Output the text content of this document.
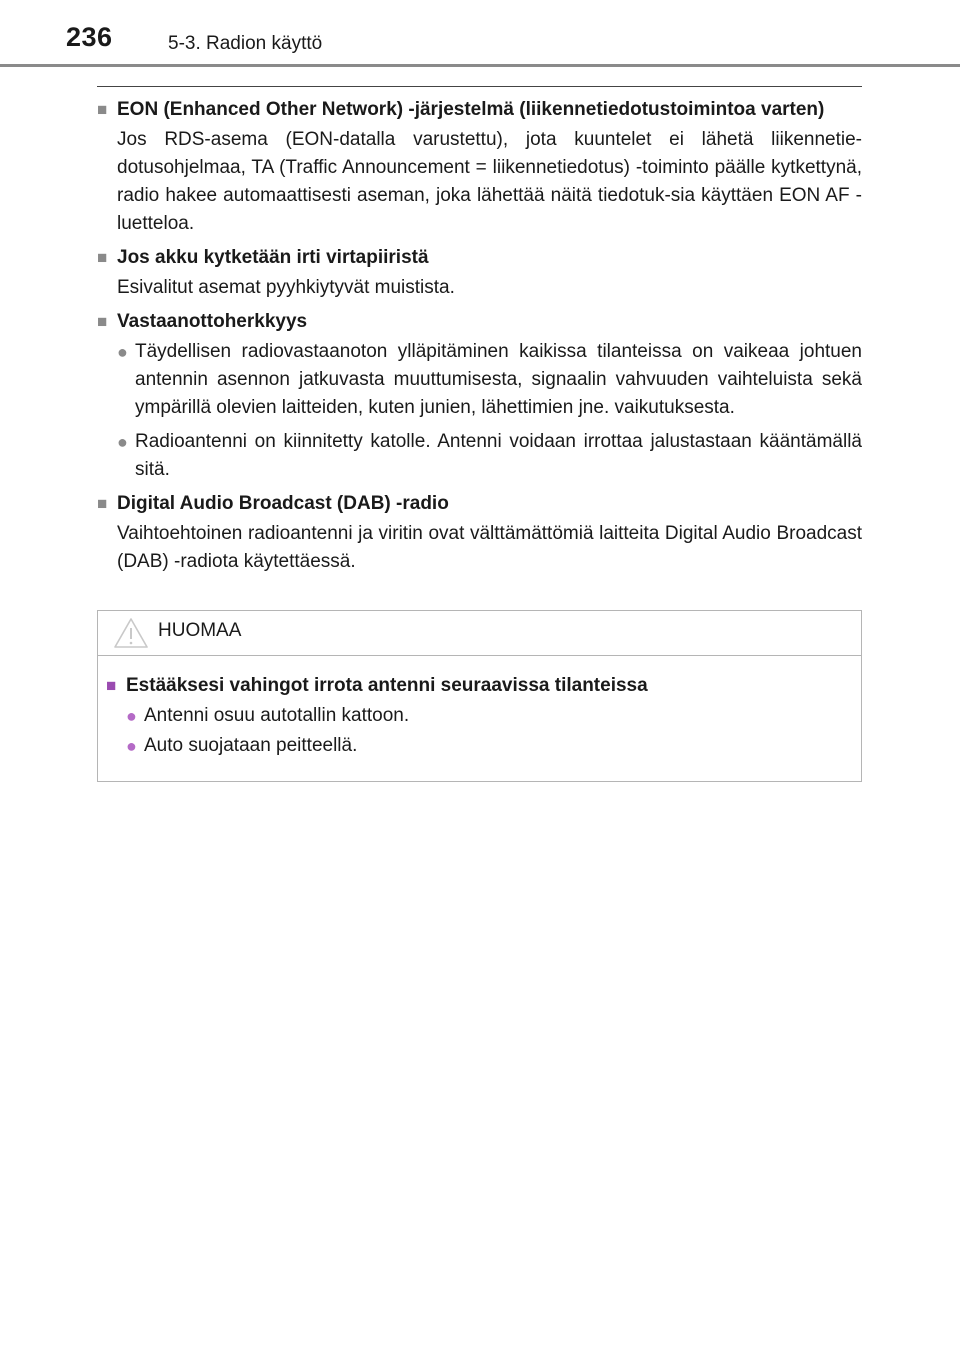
236	5-3. Radion käyttö
■ EON (Enhanced Other Network) -järjestelmä (liikennetiedotustoimintoa varten)
Jos RDS-asema (EON-datalla varustettu), jota kuuntelet ei lähetä liikennetie-dotusohjelmaa, TA (Traffic Announcement = liikennetiedotus) -toiminto päälle kytkettynä, radio hakee automaattisesti aseman, joka lähettää näitä tiedotuk-sia käyttäen EON AF -luetteloa.
■ Jos akku kytketään irti virtapiiristä
Esivalitut asemat pyyhkiytyvät muistista.
■ Vastaanottoherkkyys
● Täydellisen radiovastaanoton ylläpitäminen kaikissa tilanteissa on vaikeaa johtuen antennin asennon jatkuvasta muuttumisesta, signaalin vahvuuden vaihteluista sekä ympärillä olevien laitteiden, kuten junien, lähettimien jne. vaikutuksesta.
● Radioantenni on kiinnitetty katolle. Antenni voidaan irrottaa jalustastaan kääntämällä sitä.
■ Digital Audio Broadcast (DAB) -radio
Vaihtoehtoinen radioantenni ja viritin ovat välttämättömiä laitteita Digital Audio Broadcast (DAB) -radiota käytettäessä.
HUOMAA
■ Estääksesi vahingot irrota antenni seuraavissa tilanteissa
● Antenni osuu autotallin kattoon.
● Auto suojataan peitteellä.
